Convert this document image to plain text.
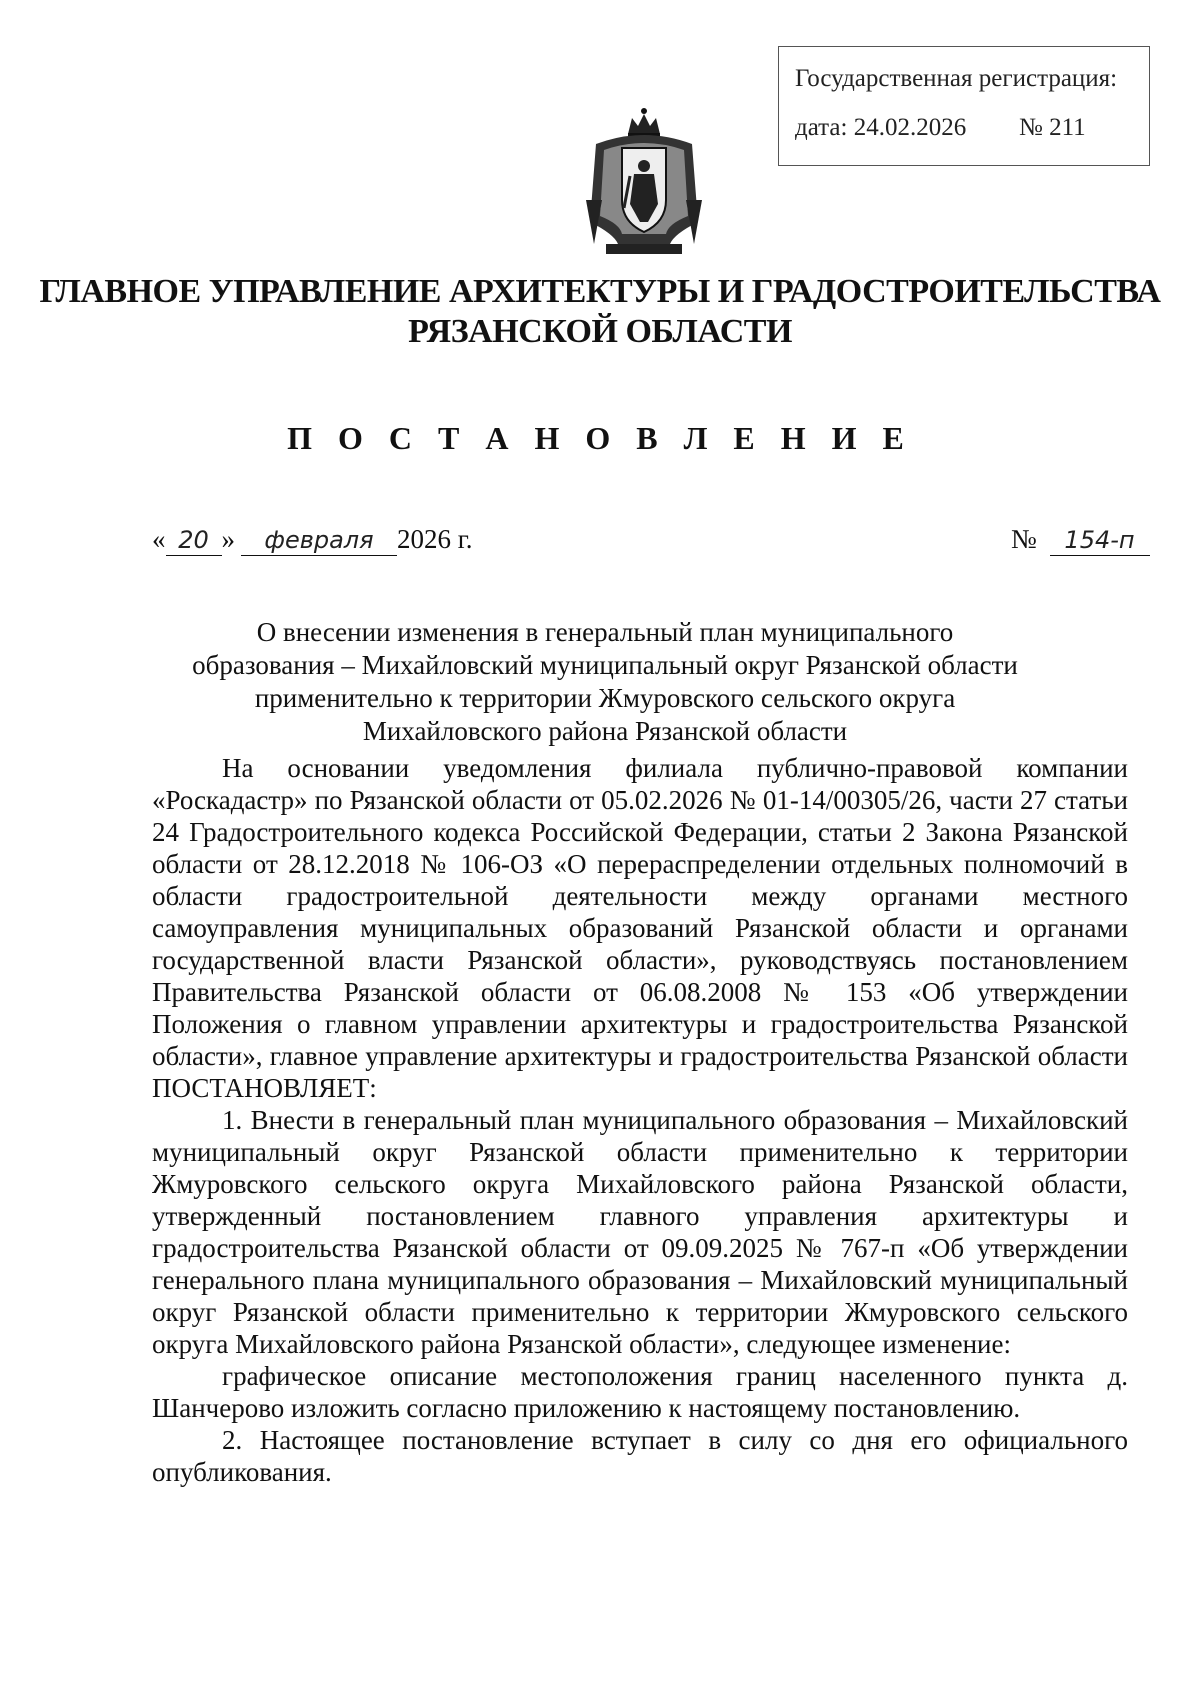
Государственная регистрация:
дата: 24.02.2026 № 211
ГЛАВНОЕ УПРАВЛЕНИЕ АРХИТЕКТУРЫ И ГРАДОСТРОИТЕЛЬСТВА
РЯЗАНСКОЙ ОБЛАСТИ
П О С Т А Н О В Л Е Н И Е
« 20 » февраля 2026 г.	№ 154-п
О внесении изменения в генеральный план муниципального
образования – Михайловский муниципальный округ Рязанской области
применительно к территории Жмуровского сельского округа
Михайловского района Рязанской области

На основании уведомления филиала публично-правовой компании «Роскадастр» по Рязанской области от 05.02.2026 № 01-14/00305/26, части 27 статьи 24 Градостроительного кодекса Российской Федерации, статьи 2 Закона Рязанской области от 28.12.2018 № 106-ОЗ «О перераспределении отдельных полномочий в области градостроительной деятельности между органами местного самоуправления муниципальных образований Рязанской области и органами государственной власти Рязанской области», руководствуясь постановлением Правительства Рязанской области от 06.08.2008 № 153 «Об утверждении Положения о главном управлении архитектуры и градостроительства Рязанской области», главное управление архитектуры и градостроительства Рязанской области ПОСТАНОВЛЯЕТ:

1. Внести в генеральный план муниципального образования – Михайловский муниципальный округ Рязанской области применительно к территории Жмуровского сельского округа Михайловского района Рязанской области, утвержденный постановлением главного управления архитектуры и градостроительства Рязанской области от 09.09.2025 № 767-п «Об утверждении генерального плана муниципального образования – Михайловский муниципальный округ Рязанской области применительно к территории Жмуровского сельского округа Михайловского района Рязанской области», следующее изменение:

графическое описание местоположения границ населенного пункта д. Шанчерово изложить согласно приложению к настоящему постановлению.

2. Настоящее постановление вступает в силу со дня его официального опубликования.
